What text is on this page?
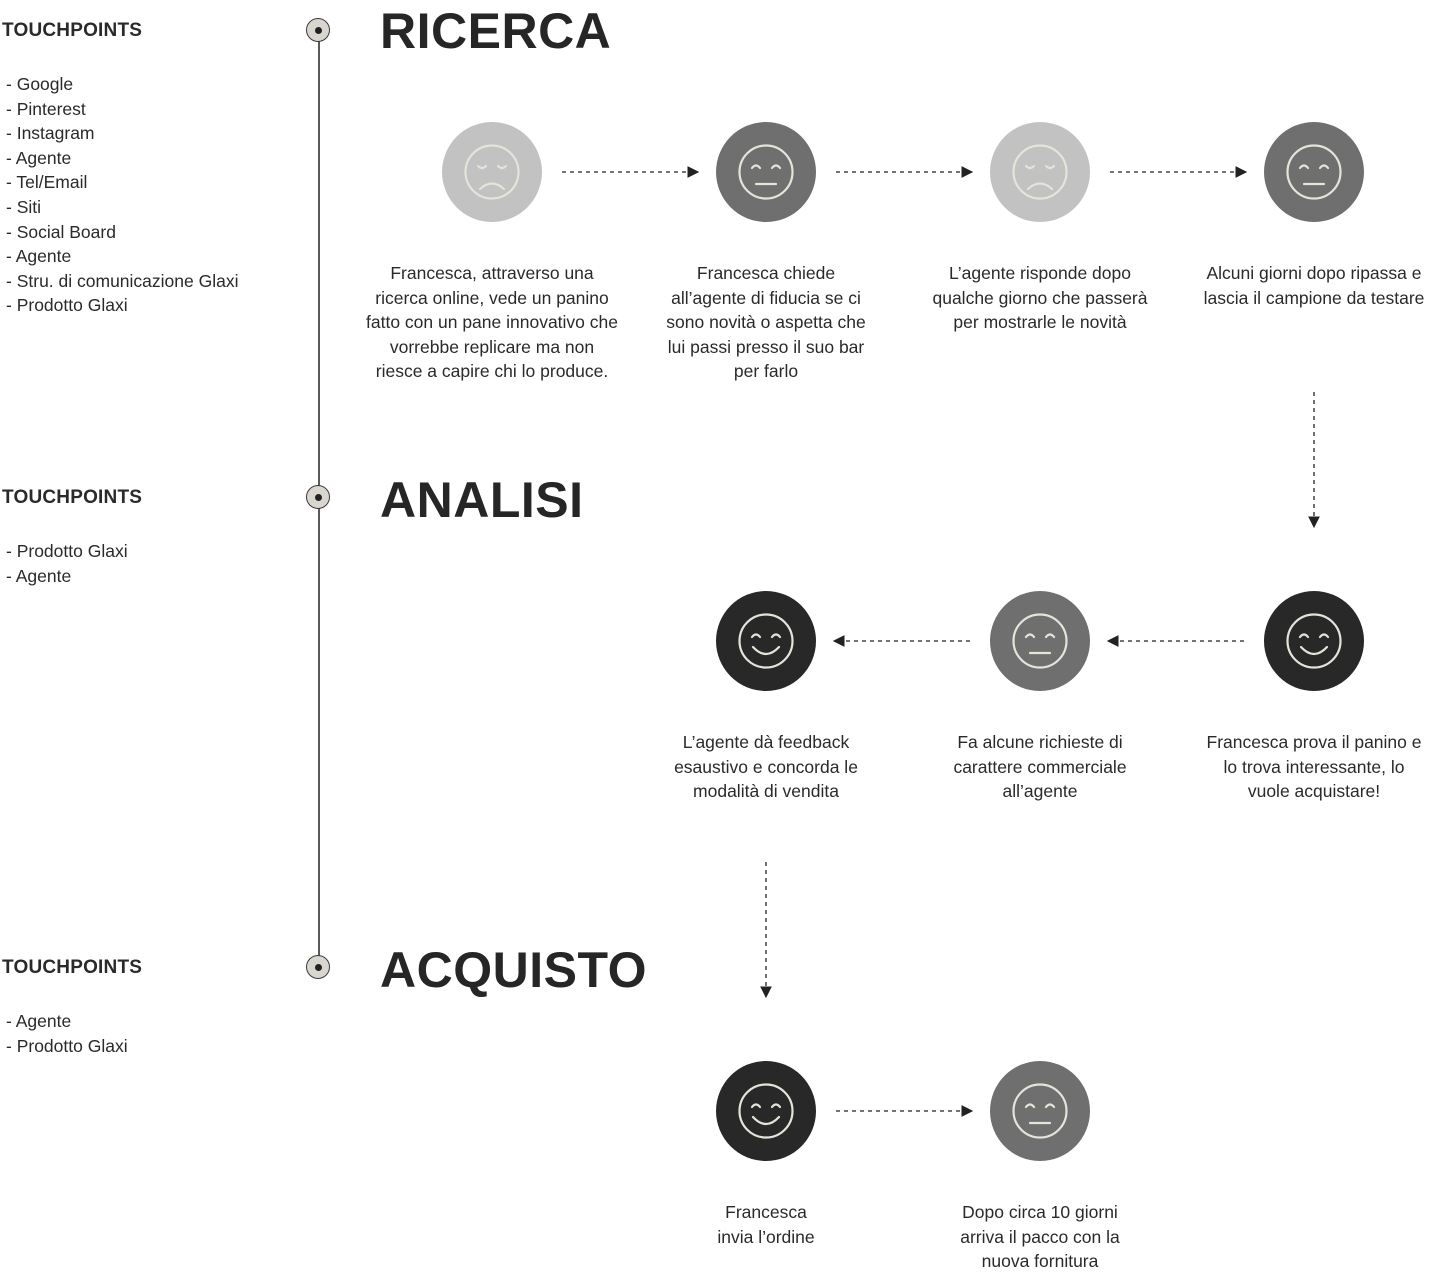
TOUCHPOINTS
- Google
- Pinterest
- Instagram
- Agente
- Tel/Email
- Siti
- Social Board
- Agente
- Stru. di comunicazione Glaxi
- Prodotto Glaxi
TOUCHPOINTS
- Prodotto Glaxi
- Agente
TOUCHPOINTS
- Agente
- Prodotto Glaxi
RICERCA
ANALISI
ACQUISTO
Francesca, attraverso una ricerca online, vede un panino fatto con un pane innovativo che vorrebbe replicare ma non riesce a capire chi lo produce.
Francesca chiede all’agente di fiducia se ci sono novità o aspetta che lui passi presso il suo bar per farlo
L’agente risponde dopo qualche giorno che passerà per mostrarle le novità
Alcuni giorni dopo ripassa e lascia il campione da testare
L’agente dà feedback esaustivo e concorda le modalità di vendita
Fa alcune richieste di carattere commerciale all’agente
Francesca prova il panino e lo trova interessante, lo vuole acquistare!
Francesca invia l’ordine
Dopo circa 10 giorni arriva il pacco con la nuova fornitura
